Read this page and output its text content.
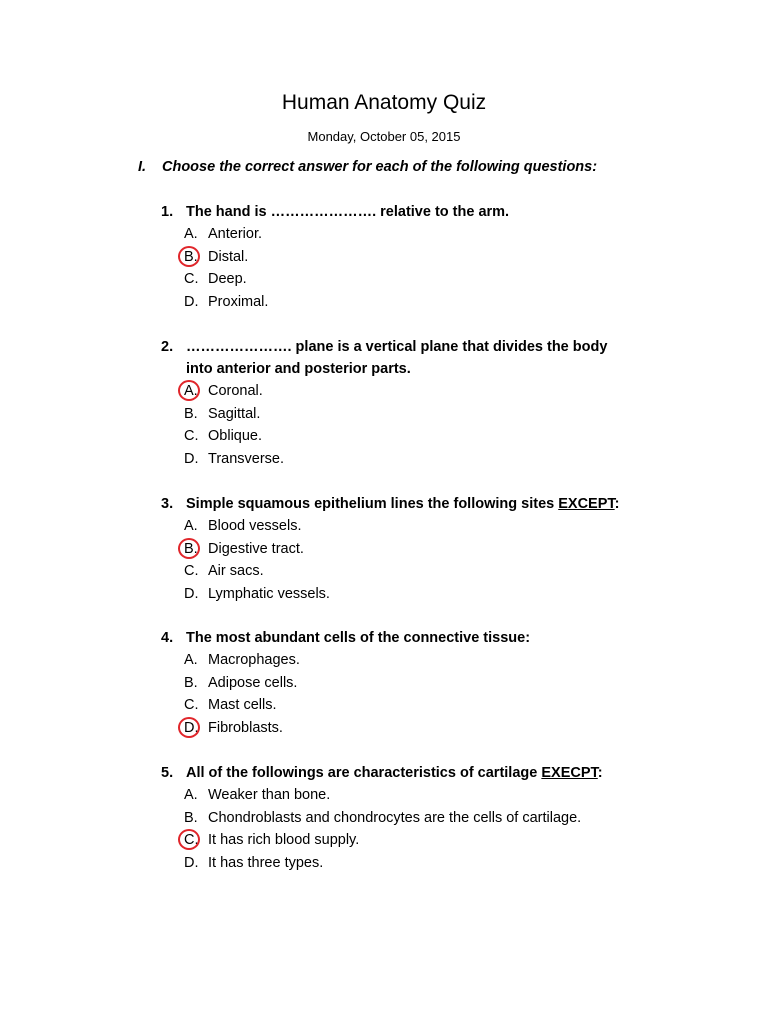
Human Anatomy Quiz
Monday, October 05, 2015
I. Choose the correct answer for each of the following questions:
1. The hand is …………………. relative to the arm.
A. Anterior.
B. Distal.
C. Deep.
D. Proximal.
2. …………………. plane is a vertical plane that divides the body into anterior and posterior parts.
A. Coronal.
B. Sagittal.
C. Oblique.
D. Transverse.
3. Simple squamous epithelium lines the following sites EXCEPT:
A. Blood vessels.
B. Digestive tract.
C. Air sacs.
D. Lymphatic vessels.
4. The most abundant cells of the connective tissue:
A. Macrophages.
B. Adipose cells.
C. Mast cells.
D. Fibroblasts.
5. All of the followings are characteristics of cartilage EXECPT:
A. Weaker than bone.
B. Chondroblasts and chondrocytes are the cells of cartilage.
C. It has rich blood supply.
D. It has three types.
